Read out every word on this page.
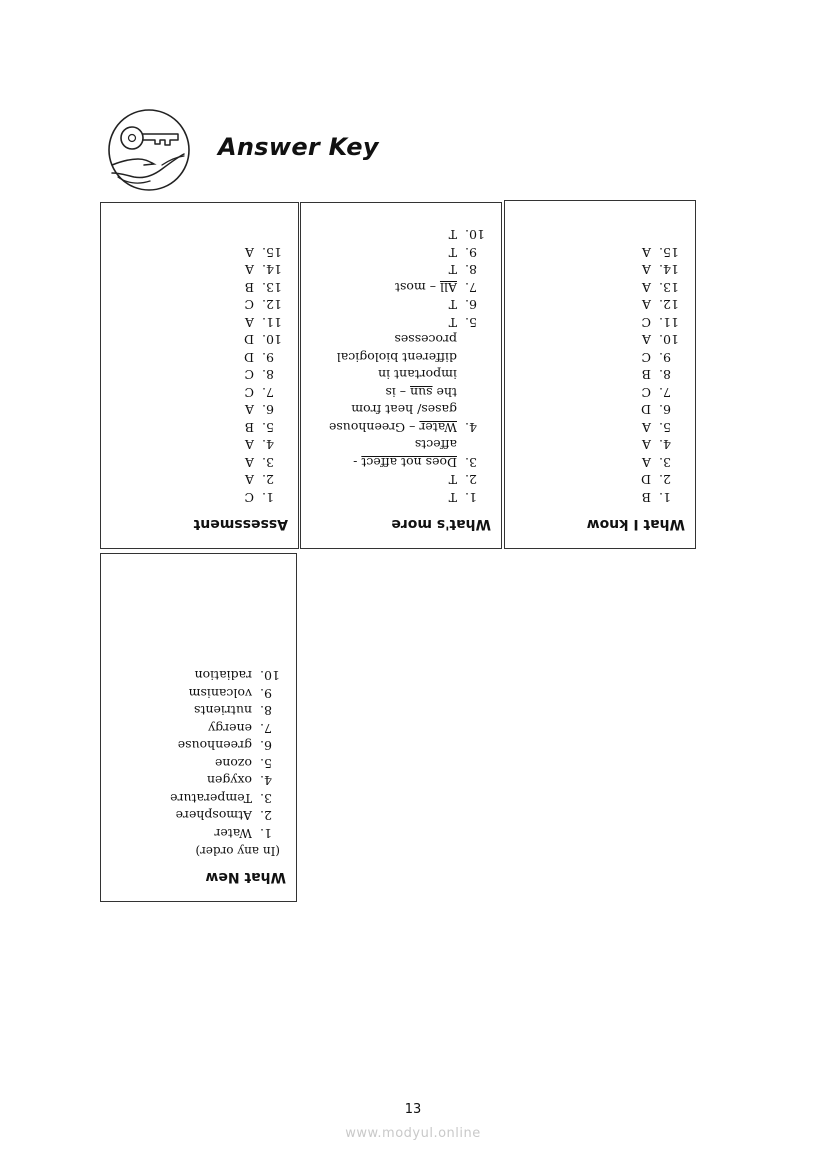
Answer Key
What I know
1.
B
2.
D
3.
A
4.
A
5.
A
6.
D
7.
C
8.
B
9.
C
10.
A
11.
C
12.
A
13.
A
14.
A
15.
A
What's more
1.
T
2.
T
3.
Does not affect - affects
4.
Water – Greenhouse gases/ heat from the sun – is important in different biological processes
5.
T
6.
T
7.
All – most
8.
T
9.
T
10.
T
Assessment
1.
C
2.
A
3.
A
4.
A
5.
B
6.
A
7.
C
8.
C
9.
D
10.
D
11.
A
12.
C
13.
B
14.
A
15.
A
What New
(In any order)
1.
Water
2.
Atmosphere
3.
Temperature
4.
oxygen
5.
ozone
6.
greenhouse
7.
energy
8.
nutrients
9.
volcanism
10.
radiation
13
www.modyul.online
